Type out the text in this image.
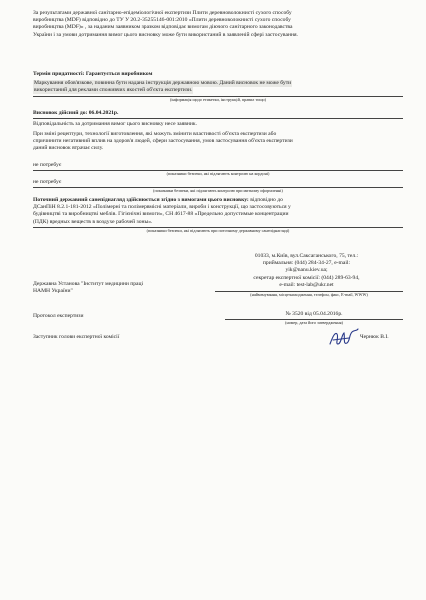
За результатами державної санітарно-епідеміологічної експертизи Плити деревноволокнисті сухого способу

виробництва (MDF) відповідно до ТУ У 20.2-35255146-001:2010 «Плити деревноволокнисті сухого способу

виробництва (MDF)» , за наданим заявником зразком відповідає вимогам діючого санітарного законодавства

України і за умови дотримання вимог цього висновку може бути використаний в заявленій сфері застосування.

Термін придатності: Гарантується виробником

Маркування обов'язкове, повинна бути надана інструкція державною мовою. Даний висновок не може бути

використаний для реклами споживчих якостей об'єкта експертизи.

(інформація щодо етикетки, інструкцій, правил тощо)
Висновок дійсний до: 06.04.2021р.
Відповідальність за дотримання вимог цього висновку несе заявник.

При зміні рецептури, технології виготовлення, які можуть змінити властивості об'єкта експертизи або

спричинити негативний вплив на здоров'я людей, сфери застосування, умов застосування об'єкта експертизи

даний висновок втрачає силу.

не потребує
(показники безпеки, які підлягають контролю на кордоні)
не потребує
(показники безпеки, які підлягають контролю при митному оформленні)

Поточний державний санепіднагляд здійснюється згідно з вимогами цього висновку: відповідно до

ДСанПіН 8.2.1-181-2012 «Полімерні та полімервмісні матеріали, вироби і конструкції, що застосовуються у

будівництві та виробництві меблів. Гігієнічні вимоги», СН 4617-88 «Предельно допустимые концентрации

(ПДК) вредных веществ в воздухе рабочей зоны».

(показники безпеки, які підлягають при поточному державному санепіднагляді)

01033, м.Київ, вул.Саксаганського, 75, тел.:

приймальня: (044) 284-34-27, e-mail:

yik@nanu.kiev.ua;

секретар експертної комісії: (044) 289-63-94,

e-mail: test-lab@ukr.net

Державна Установа "Інститут медицини праці

НАМН України"

(найменування, місцезнаходження, телефон, факс, E-mail, WWW)
Протокол експертизи	№ 3520 від 05.04.2016р.
(номер, дата його затвердження)
Заступник голови експертної комісії	Чернюк В.І.
